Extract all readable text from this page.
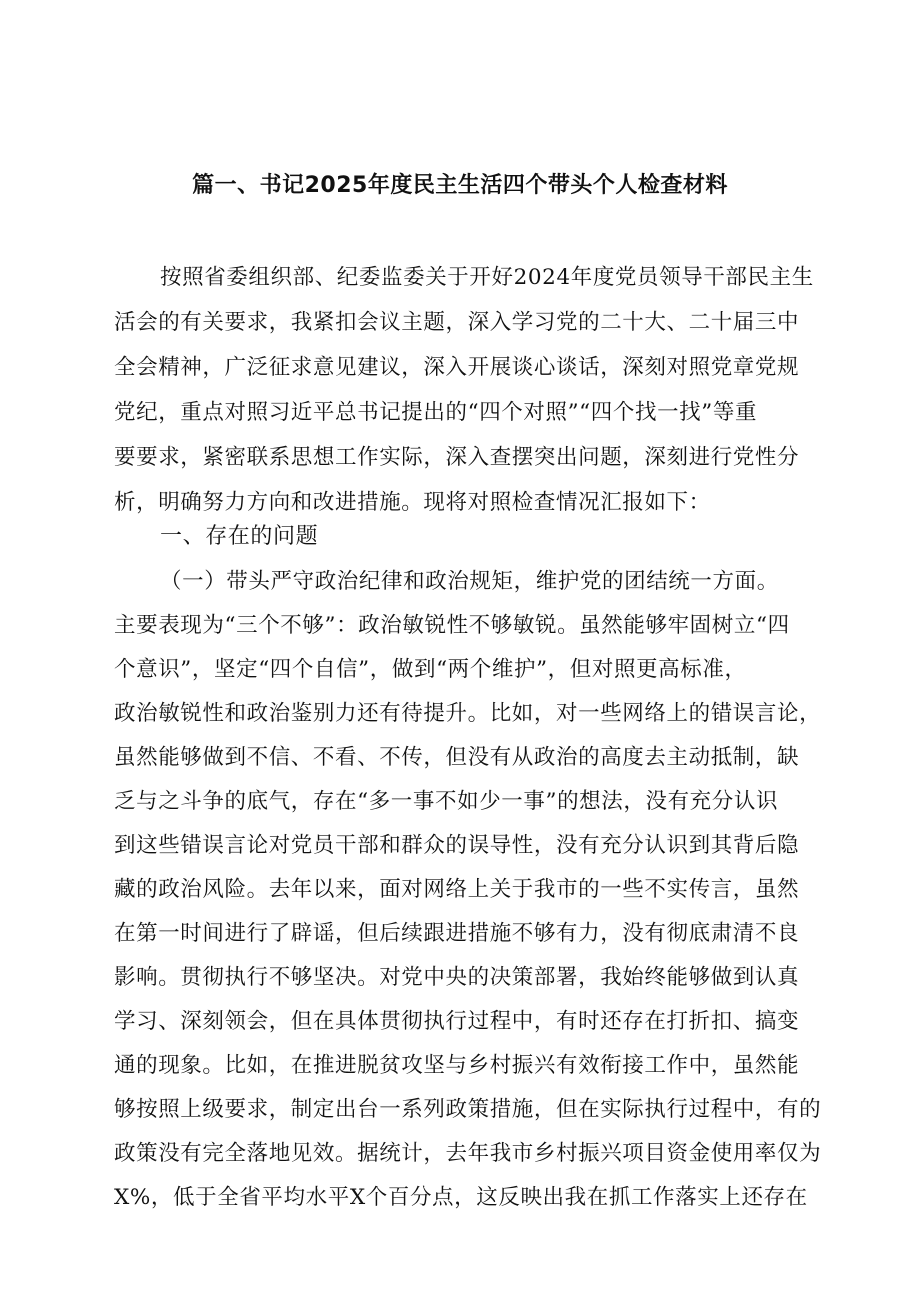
篇一、书记2025年度民主生活四个带头个人检查材料
按照省委组织部、纪委监委关于开好2024年度党员领导干部民主生
活会的有关要求，我紧扣会议主题，深入学习党的二十大、二十届三中
全会精神，广泛征求意见建议，深入开展谈心谈话，深刻对照党章党规
党纪，重点对照习近平总书记提出的“四个对照”“四个找一找”等重
要要求，紧密联系思想工作实际，深入查摆突出问题，深刻进行党性分
析，明确努力方向和改进措施。现将对照检查情况汇报如下：
一、存在的问题
（一）带头严守政治纪律和政治规矩，维护党的团结统一方面。
主要表现为“三个不够”：政治敏锐性不够敏锐。虽然能够牢固树立“四
个意识”，坚定“四个自信”，做到“两个维护”，但对照更高标准，
政治敏锐性和政治鉴别力还有待提升。比如，对一些网络上的错误言论，
虽然能够做到不信、不看、不传，但没有从政治的高度去主动抵制，缺
乏与之斗争的底气，存在“多一事不如少一事”的想法，没有充分认识
到这些错误言论对党员干部和群众的误导性，没有充分认识到其背后隐
藏的政治风险。去年以来，面对网络上关于我市的一些不实传言，虽然
在第一时间进行了辟谣，但后续跟进措施不够有力，没有彻底肃清不良
影响。贯彻执行不够坚决。对党中央的决策部署，我始终能够做到认真
学习、深刻领会，但在具体贯彻执行过程中，有时还存在打折扣、搞变
通的现象。比如，在推进脱贫攻坚与乡村振兴有效衔接工作中，虽然能
够按照上级要求，制定出台一系列政策措施，但在实际执行过程中，有的
政策没有完全落地见效。据统计，去年我市乡村振兴项目资金使用率仅为
X%，低于全省平均水平X个百分点，这反映出我在抓工作落实上还存在
